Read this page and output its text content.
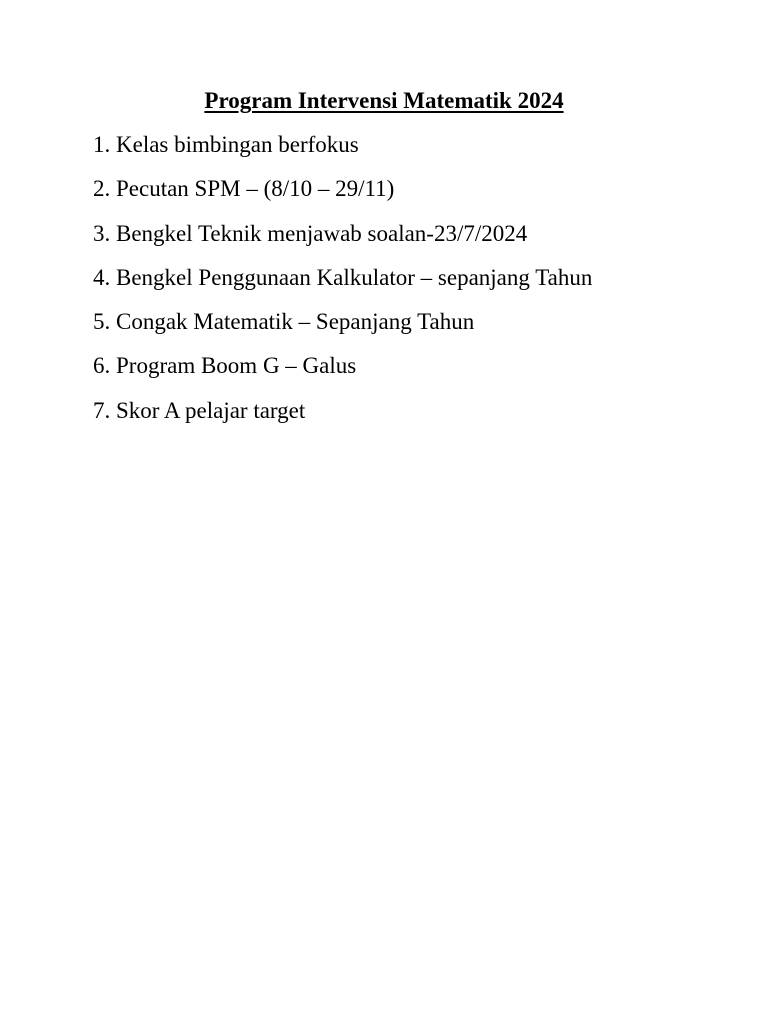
Program Intervensi Matematik 2024
1. Kelas bimbingan berfokus
2. Pecutan SPM – (8/10 – 29/11)
3. Bengkel Teknik menjawab soalan-23/7/2024
4. Bengkel Penggunaan Kalkulator – sepanjang Tahun
5. Congak Matematik – Sepanjang Tahun
6. Program Boom G – Galus
7. Skor A pelajar target
